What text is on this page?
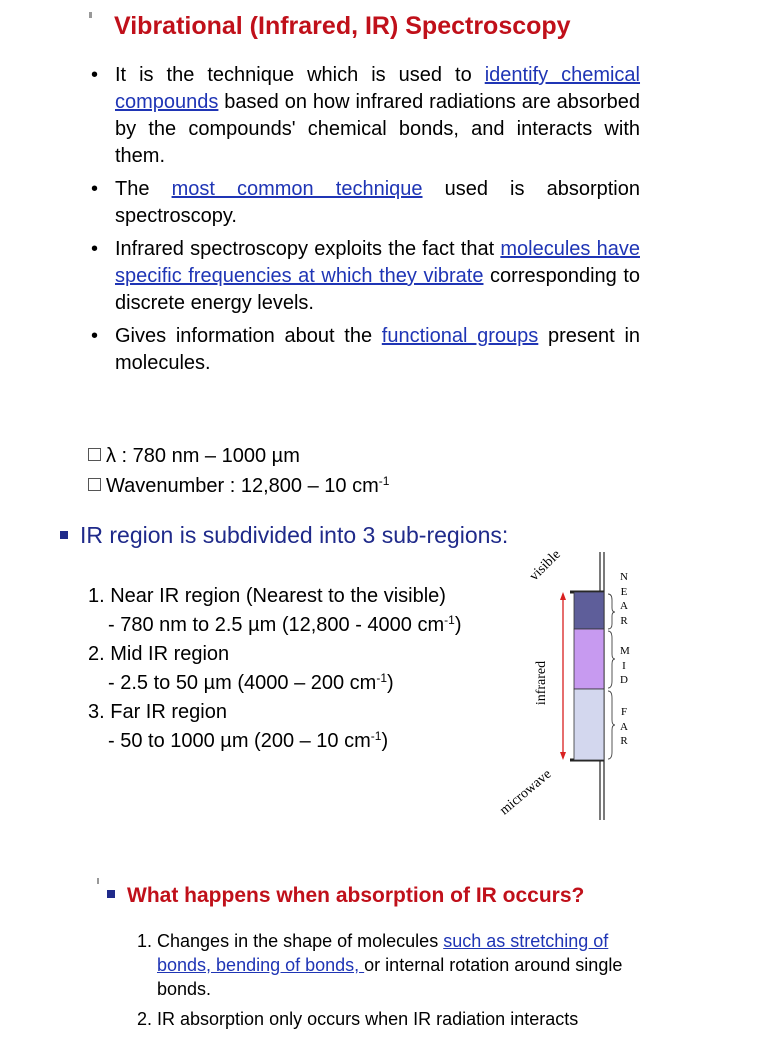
Vibrational (Infrared, IR) Spectroscopy
• It is the technique which is used to identify chemical compounds based on how infrared radiations are absorbed by the compounds' chemical bonds, and interacts with them.
• The most common technique used is absorption spectroscopy.
• Infrared spectroscopy exploits the fact that molecules have specific frequencies at which they vibrate corresponding to discrete energy levels.
• Gives information about the functional groups present in molecules.
λ : 780 nm – 1000 µm
Wavenumber : 12,800 – 10 $cm^{-1}$
IR region is subdivided into 3 sub-regions:
1. Near IR region (Nearest to the visible)
- 780 nm to 2.5 µm (12,800 - 4000 $cm^{-1}$)
2. Mid IR region
- 2.5 to 50 µm (4000 – 200 $cm^{-1}$)
3. Far IR region
- 50 to 1000 µm (200 – 10 $cm^{-1}$)
visible
infrared
microwave
NEAR
MID
FAR
What happens when absorption of IR occurs?
1. Changes in the shape of molecules such as stretching of bonds, bending of bonds, or internal rotation around single bonds.
2. IR absorption only occurs when IR radiation interacts
